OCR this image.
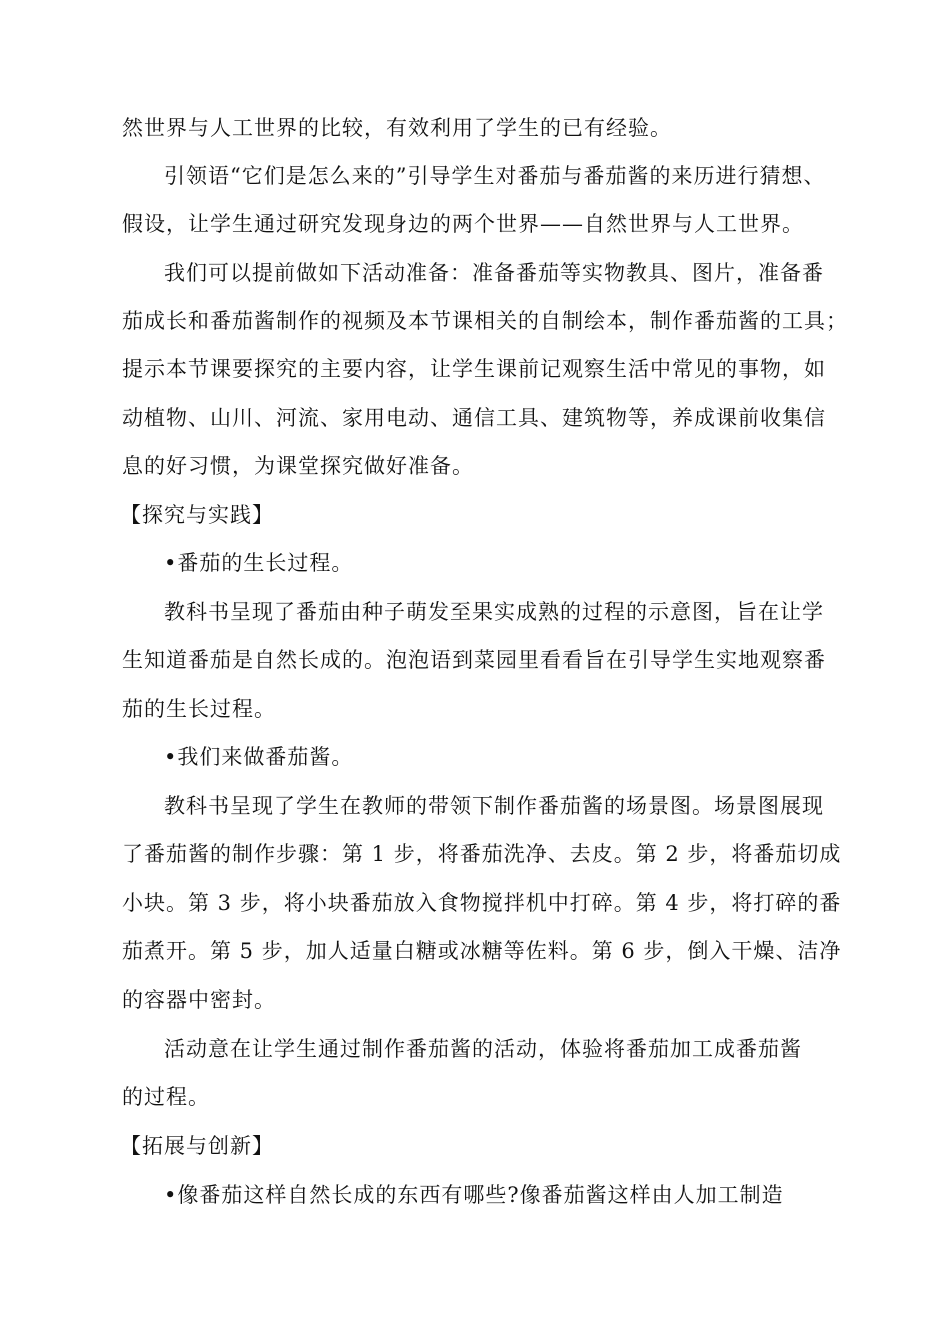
然世界与人工世界的比较，有效利用了学生的已有经验。

引领语“它们是怎么来的”引导学生对番茄与番茄酱的来历进行猜想、

假设，让学生通过研究发现身边的两个世界——自然世界与人工世界。

我们可以提前做如下活动准备：准备番茄等实物教具、图片，准备番

茄成长和番茄酱制作的视频及本节课相关的自制绘本，制作番茄酱的工具；

提示本节课要探究的主要内容，让学生课前记观察生活中常见的事物，如

动植物、山川、河流、家用电动、通信工具、建筑物等，养成课前收集信

息的好习惯，为课堂探究做好准备。

【探究与实践】

•番茄的生长过程。

教科书呈现了番茄由种子萌发至果实成熟的过程的示意图，旨在让学

生知道番茄是自然长成的。泡泡语到菜园里看看旨在引导学生实地观察番

茄的生长过程。

•我们来做番茄酱。

教科书呈现了学生在教师的带领下制作番茄酱的场景图。场景图展现

了番茄酱的制作步骤：第 1 步，将番茄洗净、去皮。第 2 步，将番茄切成

小块。第 3 步，将小块番茄放入食物搅拌机中打碎。第 4 步，将打碎的番

茄煮开。第 5 步，加人适量白糖或冰糖等佐料。第 6 步，倒入干燥、洁净

的容器中密封。

活动意在让学生通过制作番茄酱的活动，体验将番茄加工成番茄酱

的过程。

【拓展与创新】

•像番茄这样自然长成的东西有哪些?像番茄酱这样由人加工制造
